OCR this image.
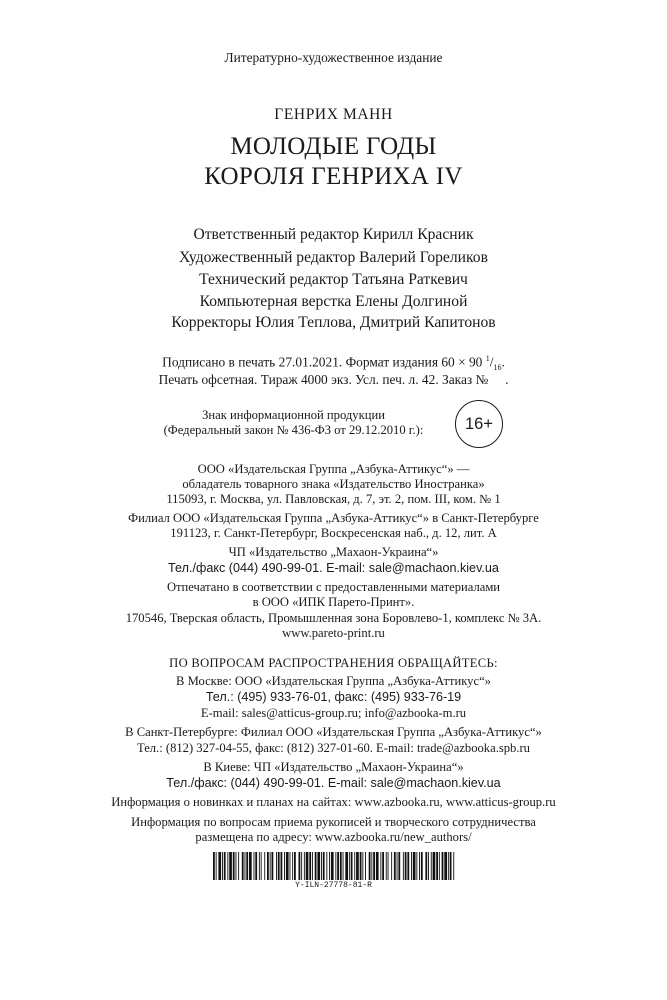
Литературно-художественное издание
ГЕНРИХ МАНН
МОЛОДЫЕ ГОДЫ
КОРОЛЯ ГЕНРИХА IV
Ответственный редактор Кирилл Красник
Художественный редактор Валерий Гореликов
Технический редактор Татьяна Раткевич
Компьютерная верстка Елены Долгиной
Корректоры Юлия Теплова, Дмитрий Капитонов
Подписано в печать 27.01.2021. Формат издания 60 × 90 $^1/_{16}$.
Печать офсетная. Тираж 4000 экз. Усл. печ. л. 42. Заказ №     .
Знак информационной продукции
(Федеральный закон № 436-ФЗ от 29.12.2010 г.):	16+
ООО «Издательская Группа „Азбука-Аттикус“» —
обладатель товарного знака «Издательство Иностранка»
115093, г. Москва, ул. Павловская, д. 7, эт. 2, пом. III, ком. № 1
Филиал ООО «Издательская Группа „Азбука-Аттикус“» в Санкт-Петербурге
191123, г. Санкт-Петербург, Воскресенская наб., д. 12, лит. А
ЧП «Издательство „Махаон-Украина“»
Тел./факс (044) 490-99-01. E-mail: sale@machaon.kiev.ua
Отпечатано в соответствии с предоставленными материалами
в ООО «ИПК Парето-Принт».
170546, Тверская область, Промышленная зона Боровлево-1, комплекс № 3А.
www.pareto-print.ru
ПО ВОПРОСАМ РАСПРОСТРАНЕНИЯ ОБРАЩАЙТЕСЬ:
В Москве: ООО «Издательская Группа „Азбука-Аттикус“»
Тел.: (495) 933-76-01, факс: (495) 933-76-19
E-mail: sales@atticus-group.ru; info@azbooka-m.ru
В Санкт-Петербурге: Филиал ООО «Издательская Группа „Азбука-Аттикус“»
Тел.: (812) 327-04-55, факс: (812) 327-01-60. E-mail: trade@azbooka.spb.ru
В Киеве: ЧП «Издательство „Махаон-Украина“»
Тел./факс: (044) 490-99-01. E-mail: sale@machaon.kiev.ua
Информация о новинках и планах на сайтах: www.azbooka.ru, www.atticus-group.ru
Информация по вопросам приема рукописей и творческого сотрудничества
размещена по адресу: www.azbooka.ru/new_authors/
Y-ILN-27778-81-R
